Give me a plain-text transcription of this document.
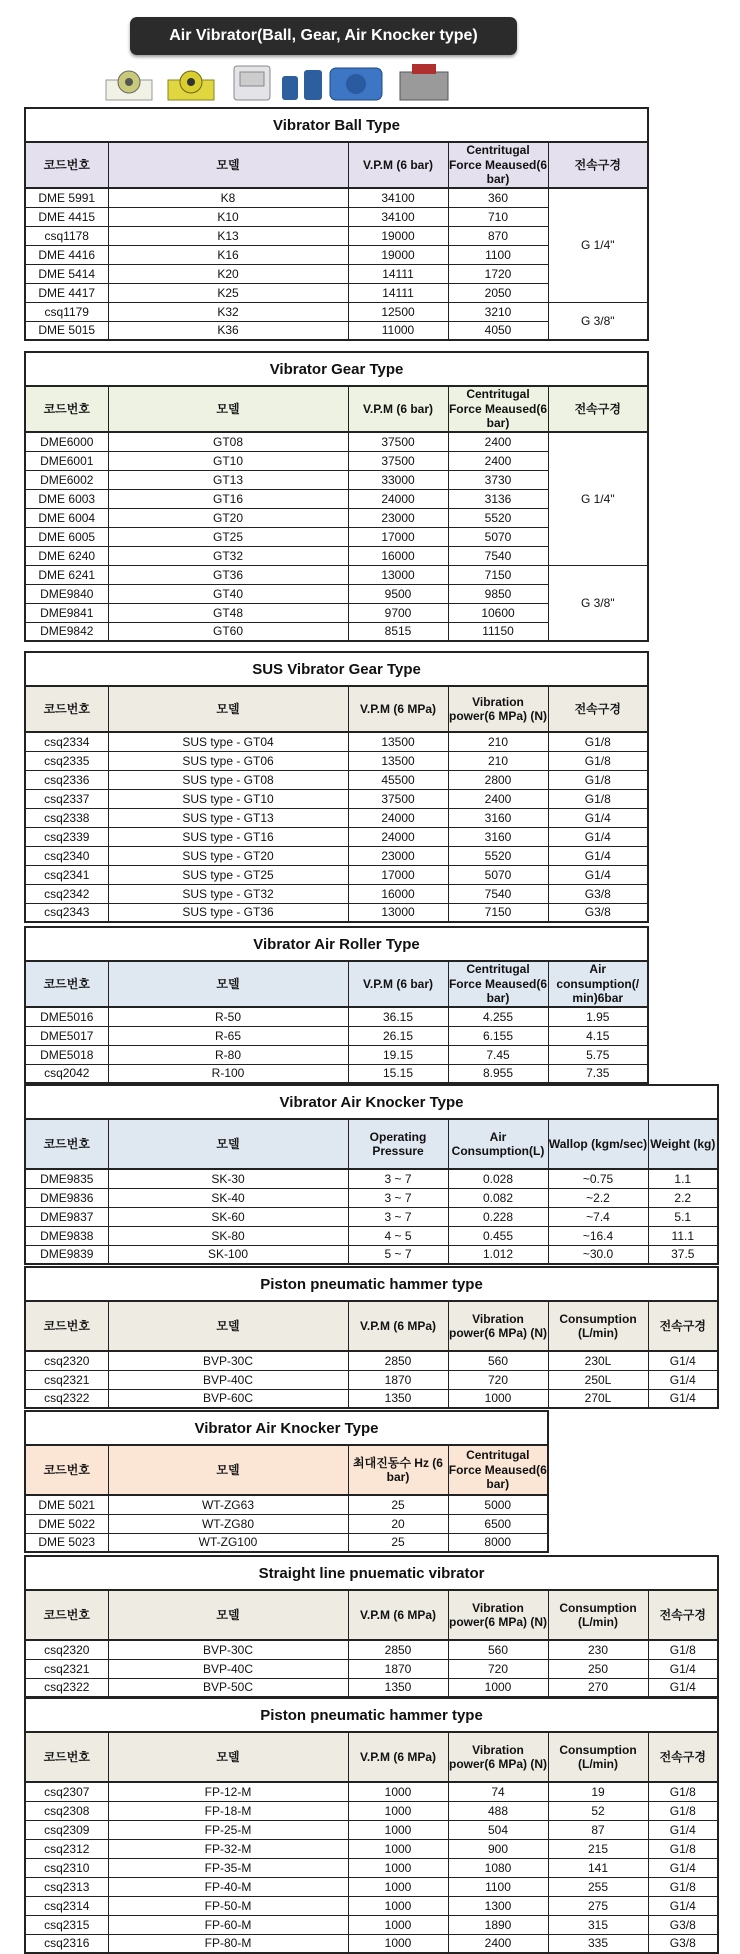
Air Vibrator(Ball, Gear, Air Knocker type)
Vibrator Ball Type				
코드번호	모델	V.P.M (6 bar)	Centritugal Force Meaused(6 bar)	전속구경
DME 5991	K8	34100	360	G 1/4"
DME 4415	K10	34100	710	
csq1178	K13	19000	870	
DME 4416	K16	19000	1100	
DME 5414	K20	14111	1720	
DME 4417	K25	14111	2050	
csq1179	K32	12500	3210	G 3/8"
DME 5015	K36	11000	4050	
Vibrator Gear Type				
코드번호	모델	V.P.M (6 bar)	Centritugal Force Meaused(6 bar)	전속구경
DME6000	GT08	37500	2400	G 1/4"
DME6001	GT10	37500	2400	
DME6002	GT13	33000	3730	
DME 6003	GT16	24000	3136	
DME 6004	GT20	23000	5520	
DME 6005	GT25	17000	5070	
DME 6240	GT32	16000	7540	
DME 6241	GT36	13000	7150	G 3/8"
DME9840	GT40	9500	9850	
DME9841	GT48	9700	10600	
DME9842	GT60	8515	11150	
SUS Vibrator Gear Type				
코드번호	모델	V.P.M (6 MPa)	Vibration power(6 MPa) (N)	전속구경
csq2334	SUS type - GT04	13500	210	G1/8
csq2335	SUS type - GT06	13500	210	G1/8
csq2336	SUS type - GT08	45500	2800	G1/8
csq2337	SUS type - GT10	37500	2400	G1/8
csq2338	SUS type - GT13	24000	3160	G1/4
csq2339	SUS type - GT16	24000	3160	G1/4
csq2340	SUS type - GT20	23000	5520	G1/4
csq2341	SUS type - GT25	17000	5070	G1/4
csq2342	SUS type - GT32	16000	7540	G3/8
csq2343	SUS type - GT36	13000	7150	G3/8
Vibrator Air Roller Type				
코드번호	모델	V.P.M (6 bar)	Centritugal Force Meaused(6 bar)	Air consumption(/ min)6bar
DME5016	R-50	36.15	4.255	1.95
DME5017	R-65	26.15	6.155	4.15
DME5018	R-80	19.15	7.45	5.75
csq2042	R-100	15.15	8.955	7.35
Vibrator Air Knocker Type					
코드번호	모델	Operating Pressure	Air Consumption(L)	Wallop (kgm/sec)	Weight (kg)
DME9835	SK-30	3 ~ 7	0.028	~0.75	1.1
DME9836	SK-40	3 ~ 7	0.082	~2.2	2.2
DME9837	SK-60	3 ~ 7	0.228	~7.4	5.1
DME9838	SK-80	4 ~ 5	0.455	~16.4	11.1
DME9839	SK-100	5 ~ 7	1.012	~30.0	37.5
Piston pneumatic hammer type					
코드번호	모델	V.P.M (6 MPa)	Vibration power(6 MPa) (N)	Consumption (L/min)	전속구경
csq2320	BVP-30C	2850	560	230L	G1/4
csq2321	BVP-40C	1870	720	250L	G1/4
csq2322	BVP-60C	1350	1000	270L	G1/4
Vibrator Air Knocker Type			
코드번호	모델	최대진동수 Hz (6 bar)	Centritugal Force Meaused(6 bar)
DME 5021	WT-ZG63	25	5000
DME 5022	WT-ZG80	20	6500
DME 5023	WT-ZG100	25	8000
Straight line pnuematic vibrator					
코드번호	모델	V.P.M (6 MPa)	Vibration power(6 MPa) (N)	Consumption (L/min)	전속구경
csq2320	BVP-30C	2850	560	230	G1/8
csq2321	BVP-40C	1870	720	250	G1/4
csq2322	BVP-50C	1350	1000	270	G1/4
Piston pneumatic hammer type					
코드번호	모델	V.P.M (6 MPa)	Vibration power(6 MPa) (N)	Consumption (L/min)	전속구경
csq2307	FP-12-M	1000	74	19	G1/8
csq2308	FP-18-M	1000	488	52	G1/8
csq2309	FP-25-M	1000	504	87	G1/4
csq2312	FP-32-M	1000	900	215	G1/8
csq2310	FP-35-M	1000	1080	141	G1/4
csq2313	FP-40-M	1000	1100	255	G1/8
csq2314	FP-50-M	1000	1300	275	G1/4
csq2315	FP-60-M	1000	1890	315	G3/8
csq2316	FP-80-M	1000	2400	335	G3/8
